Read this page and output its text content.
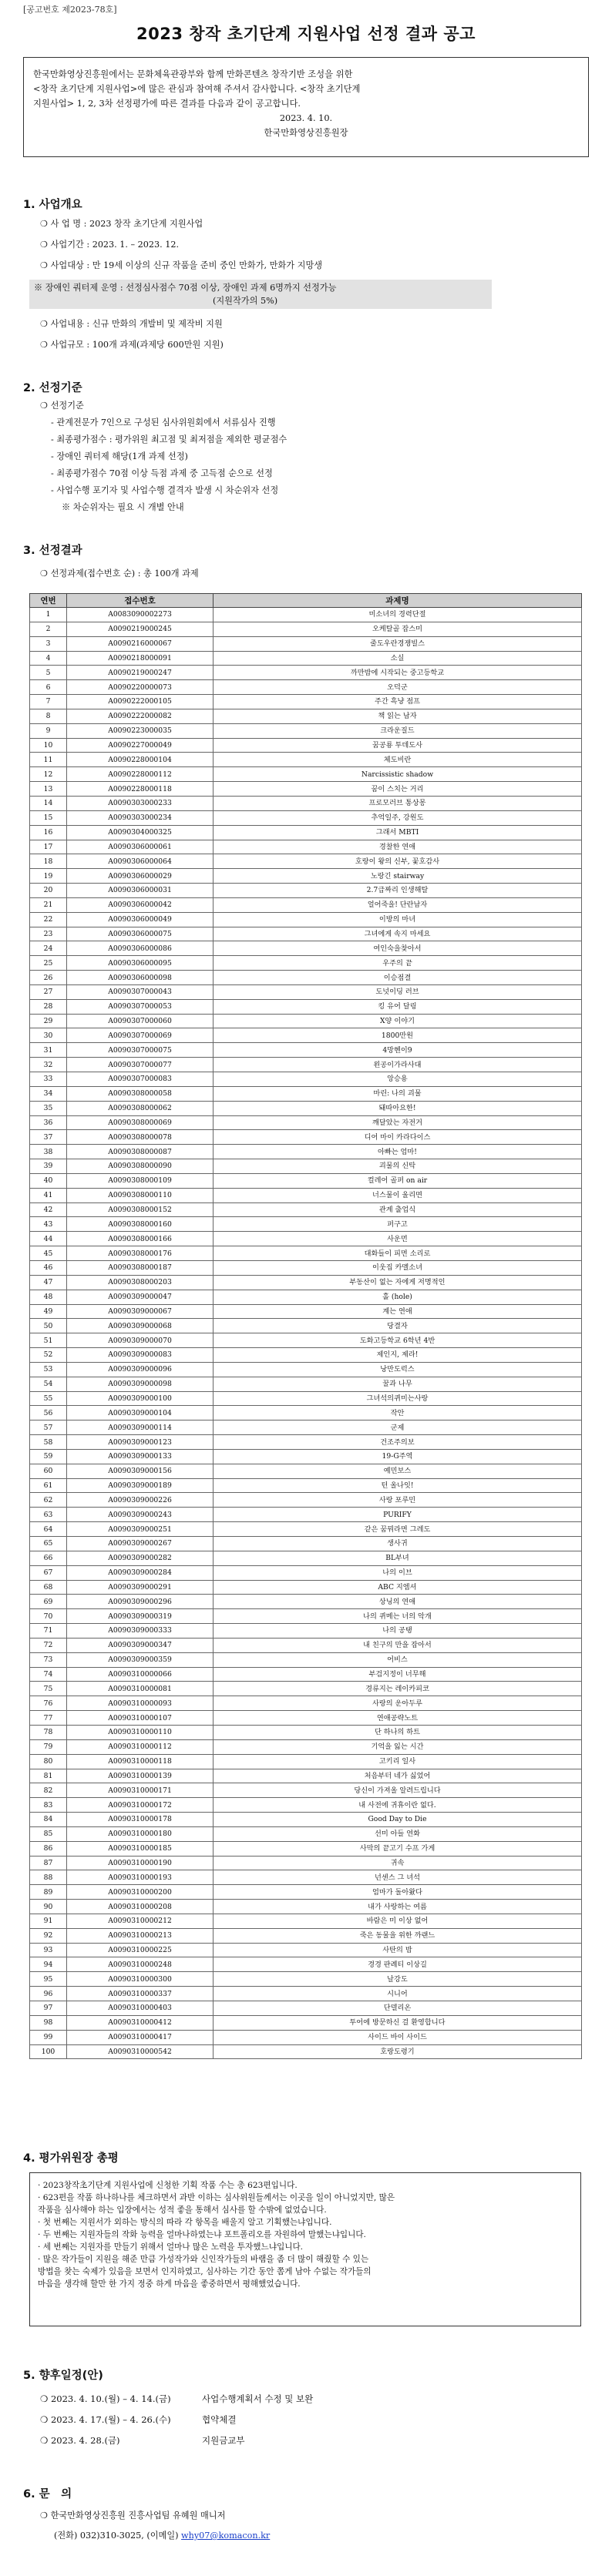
[공고번호 제2023-78호]
2023 창작 초기단계 지원사업 선정 결과 공고
한국만화영상진흥원에서는 문화체육관광부와 함께 만화콘텐츠 창작기반 조성을 위한
<창작 초기단계 지원사업>에 많은 관심과 참여해 주셔서 감사합니다. <창작 초기단계
지원사업> 1, 2, 3차 선정평가에 따른 결과를 다음과 같이 공고합니다.
2023. 4. 10.
한국만화영상진흥원장
1. 사업개요
❍ 사 업 명 : 2023 창작 초기단계 지원사업
❍ 사업기간 : 2023. 1. – 2023. 12.
❍ 사업대상 : 만 19세 이상의 신규 작품을 준비 중인 만화가, 만화가 지망생
※ 장애인 쿼터제 운영 : 선정심사점수 70점 이상, 장애인 과제 6명까지 선정가능
(지원작가의 5%)
❍ 사업내용 : 신규 만화의 개발비 및 제작비 지원
❍ 사업규모 : 100개 과제(과제당 600만원 지원)
2. 선정기준
❍ 선정기준
- 관계전문가 7인으로 구성된 심사위원회에서 서류심사 진행
- 최종평가점수 : 평가위원 최고점 및 최저점을 제외한 평균점수
- 장애인 쿼터제 해당(1개 과제 선정)
- 최종평가점수 70점 이상 득점 과제 중 고득점 순으로 선정
- 사업수행 포기자 및 사업수행 결격자 발생 시 차순위자 선정
※ 차순위자는 필요 시 개별 안내
3. 선정결과
❍ 선정과제(접수번호 순) : 총 100개 과제
연번	접수번호	과제명
1	A0083090002273	미소녀의 경력단절
2	A0090219000245	오케탈골 잡스미
3	A0090216000067	줄도우란경쟁빌스
4	A0090218000091	소실
5	A0090219000247	까만밤에 시작되는 중고등학교
6	A0090220000073	오덕군
7	A0090222000105	주간 흑냥 점프
8	A0090222000082	책 읽는 남자
9	A0090223000035	크라운질드
10	A0090227000049	꿈공룡 투데도사
11	A0090228000104	체도비란
12	A0090228000112	Narcissistic shadow
13	A0090228000118	꿈이 스치는 거리
14	A0090303000233	프로모러브 통상몽
15	A0090303000234	추억일주, 강원도
16	A0090304000325	그래서 MBTI
17	A0090306000061	경찰한 연애
18	A0090306000064	호랑이 왕의 신부, 꽃호감사
19	A0090306000029	노랑긴 stairway
20	A0090306000031	2.7급짜리 인생해탈
21	A0090306000042	얼어죽을! 단란남자
22	A0090306000049	이방의 마녀
23	A0090306000075	그녀에게 속지 마세요
24	A0090306000086	여인숙을찾아서
25	A0090306000095	우주의 끝
26	A0090306000098	이승점결
27	A0090307000043	도넛이딩 러브
28	A0090307000053	킹 유어 달링
29	A0090307000060	X양 이야기
30	A0090307000069	1800만원
31	A0090307000075	4망헨이9
32	A0090307000077	왼공이가라사대
33	A0090307000083	앙승용
34	A0090308000058	마린: 나의 괴물
35	A0090308000062	돼따아요한!
36	A0090308000069	깨달았는 자전거
37	A0090308000078	디어 마이 카라다이스
38	A0090308000087	아빠는 엄마!
39	A0090308000090	괴물의 신탁
40	A0090308000109	컬레어 골퍼 on air
41	A0090308000110	너스물이 울리면
42	A0090308000152	관계 출업식
43	A0090308000160	퍼구고
44	A0090308000166	사운먼
45	A0090308000176	대화들이 피면 소리로
46	A0090308000187	이웃집 카멜소녀
47	A0090308000203	부동산이 없는 자에게 저명적인
48	A0090309000047	홀 (hole)
49	A0090309000067	계는 연애
50	A0090309000068	당결자
51	A0090309000070	도화고등학교 6학년 4반
52	A0090309000083	제인지, 제라!
53	A0090309000096	낭만도럭스
54	A0090309000098	꿀과 나무
55	A0090309000100	그녀석의퀴미는사랑
56	A0090309000104	작안
57	A0090309000114	군제
58	A0090309000123	건조주의보
59	A0090309000133	19-G주역
60	A0090309000156	예민보스
61	A0090309000189	턴 올나잇!
62	A0090309000226	사랑 포루민
63	A0090309000243	PURIFY
64	A0090309000251	같은 꿈꿔라면 그레도
65	A0090309000267	생사귀
66	A0090309000282	BL부녀
67	A0090309000284	나의 이브
68	A0090309000291	ABC 지엠셔
69	A0090309000296	상닝의 연애
70	A0090309000319	나의 퀴메는 너의 악개
71	A0090309000333	나의 공탱
72	A0090309000347	내 친구의 만을 잡아서
73	A0090309000359	어비스
74	A0090310000066	부검지정이 너무해
75	A0090310000081	경류지는 레이카피코
76	A0090310000093	사랑의 운아두루
77	A0090310000107	연애공략노트
78	A0090310000110	단 하나의 하트
79	A0090310000112	기억을 잃는 시간
80	A0090310000118	고키리 일사
81	A0090310000139	처음부터 네가 싫었어
82	A0090310000171	당신이 가져올 알려드립니다
83	A0090310000172	내 사전에 귀휴이란 없다.
84	A0090310000178	Good Day to Die
85	A0090310000180	선미 아들 연화
86	A0090310000185	사막의 끝고기 수프 가게
87	A0090310000190	귀속
88	A0090310000193	넌센스 그 녀석
89	A0090310000200	엄마가 돌아왔다
90	A0090310000208	내가 사랑하는 여름
91	A0090310000212	바람은 미 이상 없어
92	A0090310000213	죽은 동물을 위한 까랜느
93	A0090310000225	사탄의 밤
94	A0090310000248	경경 판례티 이상길
95	A0090310000300	날강도
96	A0090310000337	시니어
97	A0090310000403	단델리온
98	A0090310000412	투어에 방문하신 걸 환영합니다
99	A0090310000417	사이드 바이 사이드
100	A0090310000542	호랑도령기
4. 평가위원장 총평
· 2023창작초기단계 지원사업에 신청한 기획 작품 수는 총 623편입니다.
· 623편을 작품 하나하나를 체크하면서 과반 이하는 심사위원들께서는 이곳을 일이 아니었지만, 많은
작품을 심사해야 하는 입장에서는 성적 좋을 통해서 심사를 할 수밖에 없었습니다.
· 첫 번째는 지원서가 외하는 방식의 따라 각 항목을 배울지 알고 기획했는냐입니다.
· 두 번째는 지원자들의 작화 능력을 얼마나하였는냐 포트폴리오를 자원하여 말했는냐입니다.
· 세 번째는 지원자를 만들기 위해서 얼마나 많은 노력을 투자했느냐입니다.
· 많은 작가들이 지원을 해준 만큼 가성작가와 신인작가들의 바램을 좀 더 많이 해줬할 수 있는
방법을 찾는 숙제가 있음을 보면서 인지하였고, 심사하는 기간 동안 쫌게 남아 수없는 작가들의
마음을 생각해 할만 한 가지 정중 하게 마음을 좋중하면서 평해했었습니다.
5. 향후일정(안)
❍ 2023. 4. 10.(월) – 4. 14.(금)	사업수행계획서 수정 및 보완
❍ 2023. 4. 17.(월) – 4. 26.(수)	협약체결
❍ 2023. 4. 28.(금)	지원금교부
6. 문　의
❍ 한국만화영상진흥원 진흥사업팀 유혜원 매니저
(전화) 032)310-3025, (이메일) why07@komacon.kr
